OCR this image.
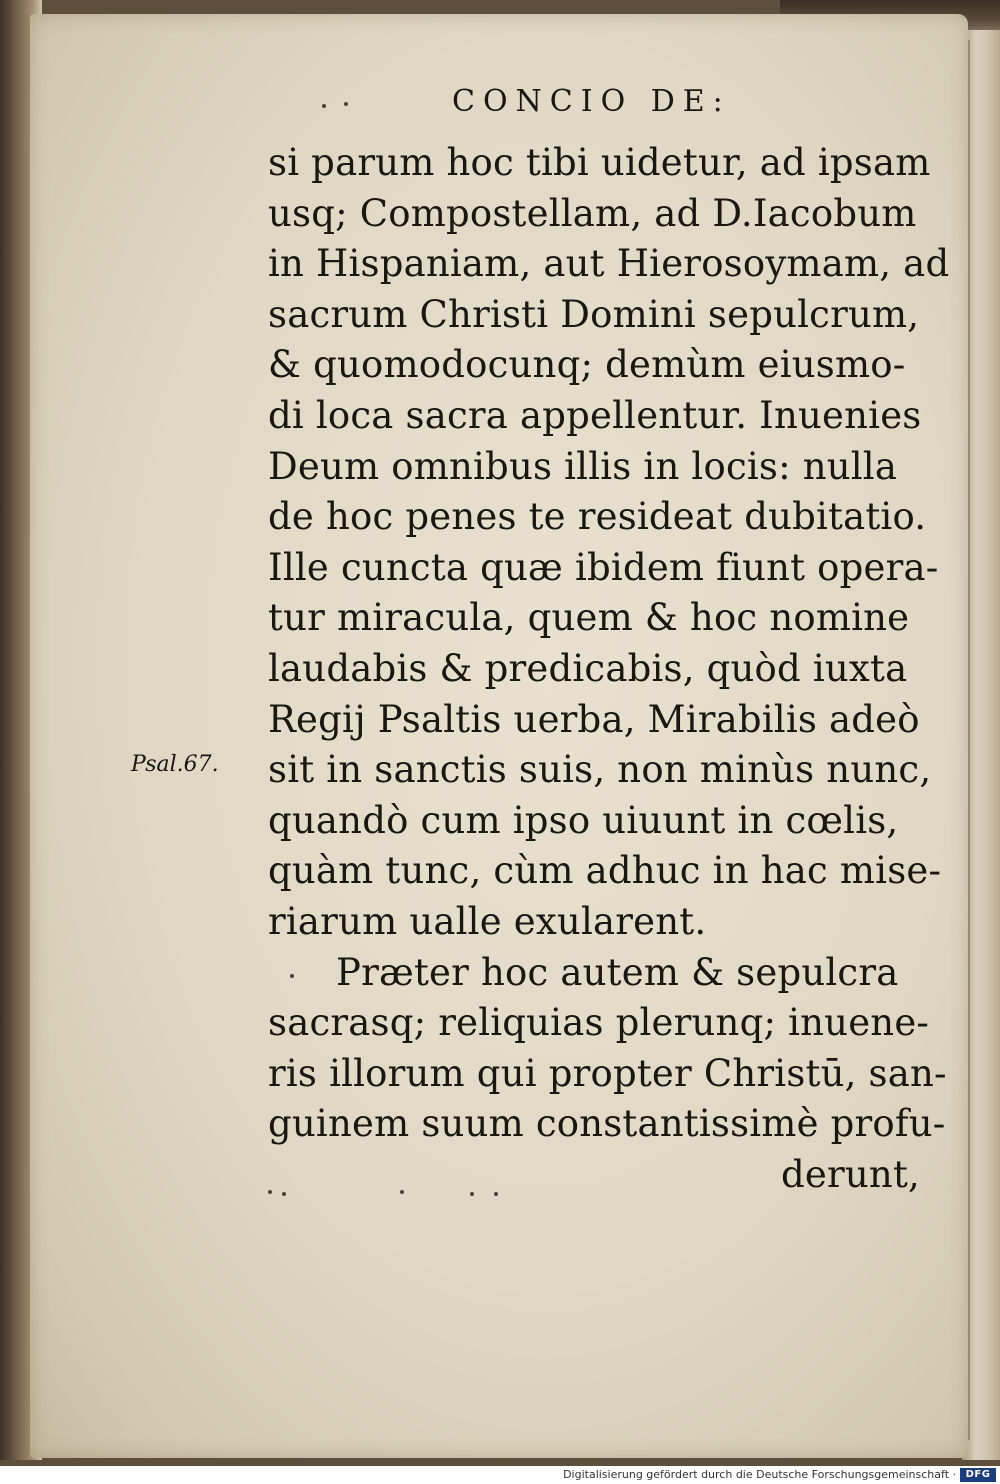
CONCIO DE:
Psal.67.
si parum hoc tibi uidetur, ad ipsam
usq; Compostellam, ad D.Iacobum
in Hispaniam, aut Hierosoymam, ad
sacrum Christi Domini sepulcrum,
& quomodocunq; demùm eiusmo-
di loca sacra appellentur. Inuenies
Deum omnibus illis in locis: nulla
de hoc penes te resideat dubitatio.
Ille cuncta quæ ibidem fiunt opera-
tur miracula, quem & hoc nomine
laudabis & predicabis, quòd iuxta
Regij Psaltis uerba, Mirabilis adeò
sit in sanctis suis, non minùs nunc,
quandò cum ipso uiuunt in cœlis,
quàm tunc, cùm adhuc in hac mise-
riarum ualle exularent.
Præter hoc autem & sepulcra
sacrasq; reliquias plerunq; inuene-
ris illorum qui propter Christū, san-
guinem suum constantissimè profu-
derunt,
Digitalisierung gefördert durch die Deutsche Forschungsgemeinschaft · DFG
